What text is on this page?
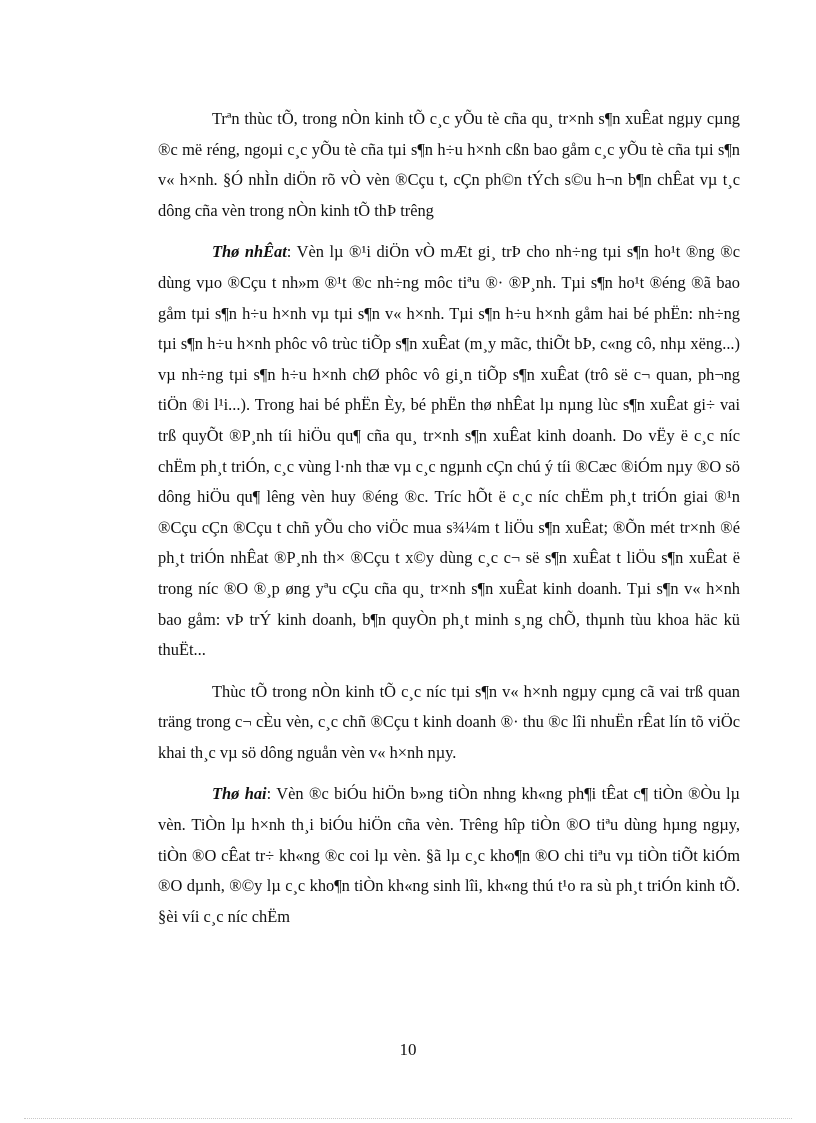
Trªn thùc tÕ, trong nÒn kinh tÕ c¸c yÕu tè cña qu¸ tr×nh s¶n xuÊat ngµy cµng ®c më réng, ngoµi c¸c yÕu tè cña tµi s¶n h÷u h×nh cßn bao gåm c¸c yÕu tè cña tµi s¶n v« h×nh. §Ó nhÌn diÖn rõ vÒ vèn ®Cçu t, cÇn ph©n tÝch s©u h¬n b¶n chÊat vµ t¸c dông cña vèn trong nÒn kinh tÕ thÞ trêng

Thø nhÊat: Vèn lµ ®¹i diÖn vÒ mÆt gi¸ trÞ cho nh÷ng tµi s¶n ho¹t ®ng ®c dùng vµo ®Cçu t nh»m ®¹t ®c nh÷ng môc tiªu ®· ®P¸nh. Tµi s¶n ho¹t ®éng ®ã bao gåm tµi s¶n h÷u h×nh vµ tµi s¶n v« h×nh. Tµi s¶n h÷u h×nh gåm hai bé phËn: nh÷ng tµi s¶n h÷u h×nh phôc vô trùc tiÕp s¶n xuÊat (m¸y mãc, thiÕt bÞ, c«ng cô, nhµ xëng...) vµ nh÷ng tµi s¶n h÷u h×nh chØ phôc vô gi¸n tiÕp s¶n xuÊat (trô së c¬ quan, ph¬ng tiÖn ®i l¹i...). Trong hai bé phËn Èy, bé phËn thø nhÊat lµ nµng lùc s¶n xuÊat gi÷ vai trß quyÕt ®P¸nh tíi hiÖu qu¶ cña qu¸ tr×nh s¶n xuÊat kinh doanh. Do vËy ë c¸c níc chËm ph¸t triÓn, c¸c vùng l·nh thæ vµ c¸c ngµnh cÇn chú ý tíi ®Cæc ®iÓm nµy ®O sö dông hiÖu qu¶ lêng vèn huy ®éng ®c. Tríc hÕt ë c¸c níc chËm ph¸t triÓn giai ®¹n ®Cçu cÇn ®Cçu t chñ yÕu cho viÖc mua s¾¼m t liÖu s¶n xuÊat; ®Õn mét tr×nh ®é ph¸t triÓn nhÊat ®P¸nh th× ®Cçu t x©y dùng c¸c c¬ së s¶n xuÊat t liÖu s¶n xuÊat ë trong níc ®O ®¸p øng yªu cÇu cña qu¸ tr×nh s¶n xuÊat kinh doanh. Tµi s¶n v« h×nh bao gåm: vÞ trÝ kinh doanh, b¶n quyÒn ph¸t minh s¸ng chÕ, thµnh tùu khoa häc kü thuËt...

Thùc tÕ trong nÒn kinh tÕ c¸c níc tµi s¶n v« h×nh ngµy cµng cã vai trß quan träng trong c¬ cÈu vèn, c¸c chñ ®Cçu t kinh doanh ®· thu ®c lîi nhuËn rÊat lín tõ viÖc khai th¸c vµ sö dông nguån vèn v« h×nh nµy.

Thø hai: Vèn ®c biÓu hiÖn b»ng tiÒn nhng kh«ng ph¶i tÊat c¶ tiÒn ®Òu lµ vèn. TiÒn lµ h×nh th¸i biÓu hiÖn cña vèn. Trêng hîp tiÒn ®O tiªu dùng hµng ngµy, tiÒn ®O cÊat tr÷ kh«ng ®c coi lµ vèn. §ã lµ c¸c kho¶n ®O chi tiªu vµ tiÒn tiÕt kiÓm ®O dµnh, ®©y lµ c¸c kho¶n tiÒn kh«ng sinh lîi, kh«ng thú t¹o ra sù ph¸t triÓn kinh tÕ. §èi víi c¸c níc chËm

10
